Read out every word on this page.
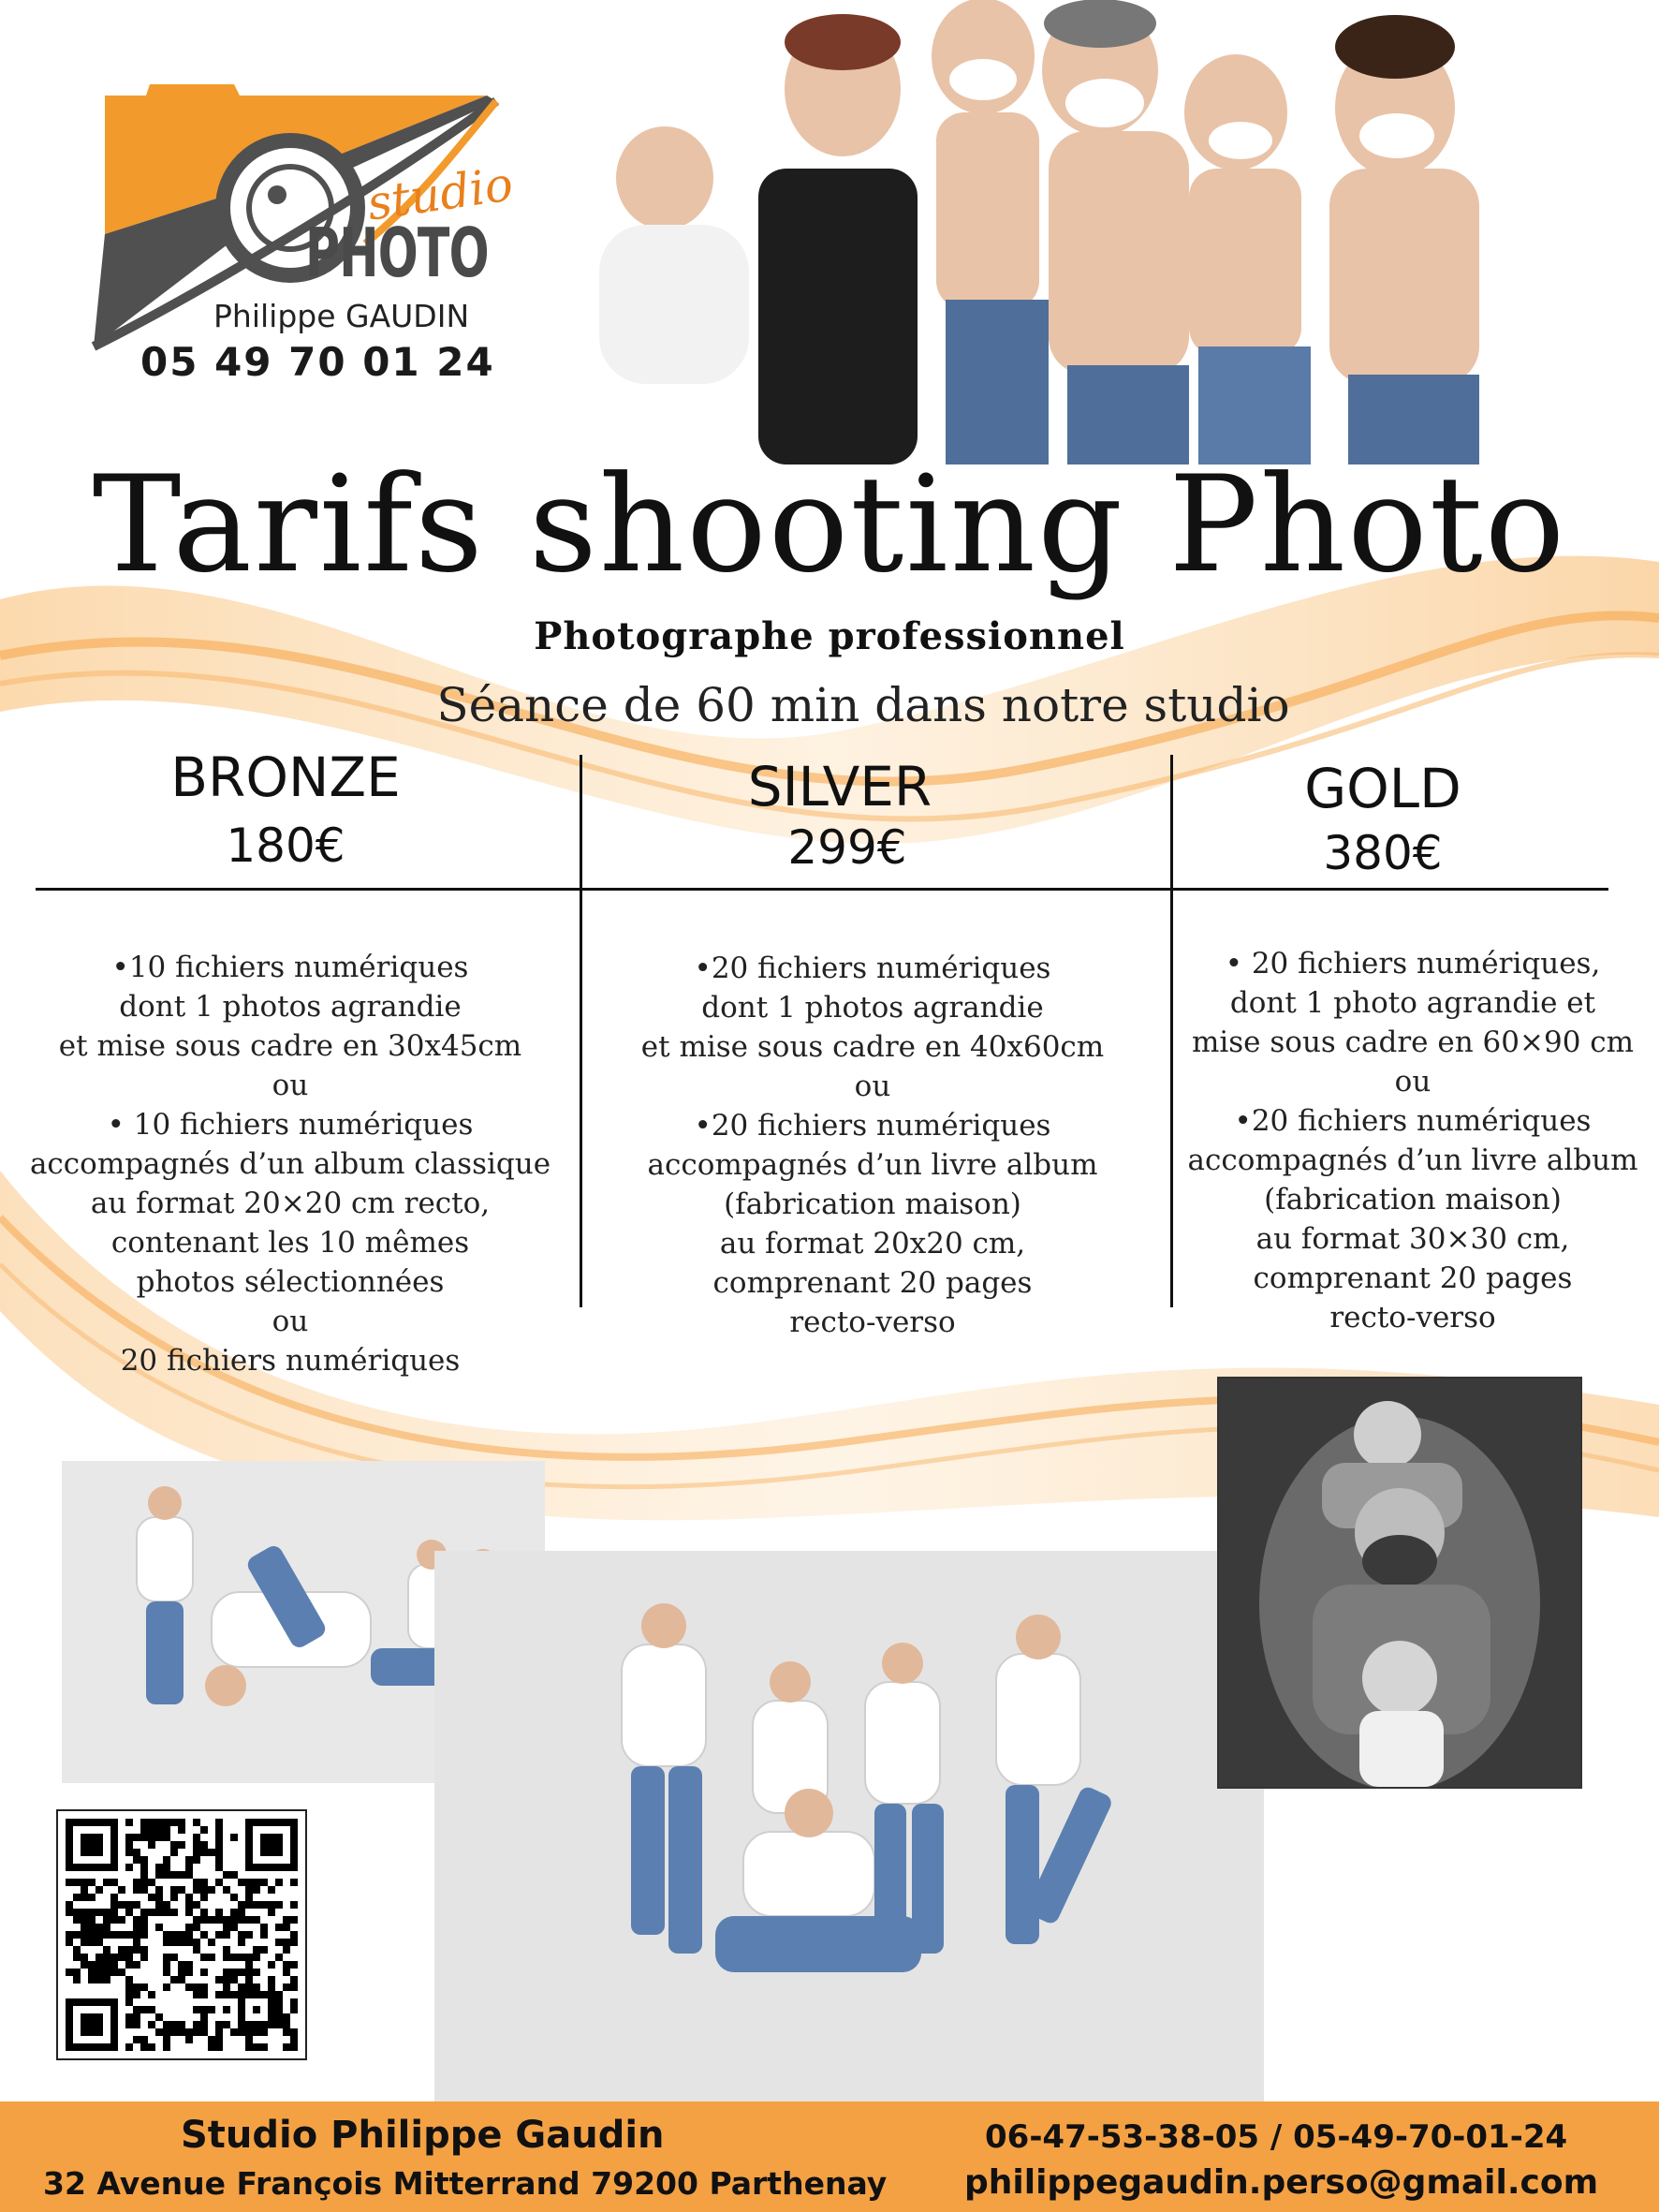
studio
PHOTO
Philippe GAUDIN
05 49 70 01 24
Tarifs shooting Photo
Photographe professionnel
Séance de 60 min dans notre studio
BRONZE
180€
SILVER
299€
GOLD
380€
•10 fichiers numériques
dont 1 photos agrandie
et mise sous cadre en 30x45cm
ou
• 10 fichiers numériques
accompagnés d’un album classique
au format 20×20 cm recto,
contenant les 10 mêmes
photos sélectionnées
ou
20 fichiers numériques
•20 fichiers numériques
dont 1 photos agrandie
et mise sous cadre en 40x60cm
ou
•20 fichiers numériques
accompagnés d’un livre album
(fabrication maison)
au format 20x20 cm,
comprenant 20 pages
recto-verso
• 20 fichiers numériques,
dont 1 photo agrandie et
mise sous cadre en 60×90 cm
ou
•20 fichiers numériques
accompagnés d’un livre album
(fabrication maison)
au format 30×30 cm,
comprenant 20 pages
recto-verso
Studio Philippe Gaudin
32 Avenue François Mitterrand 79200 Parthenay
06-47-53-38-05 / 05-49-70-01-24
philippegaudin.perso@gmail.com
